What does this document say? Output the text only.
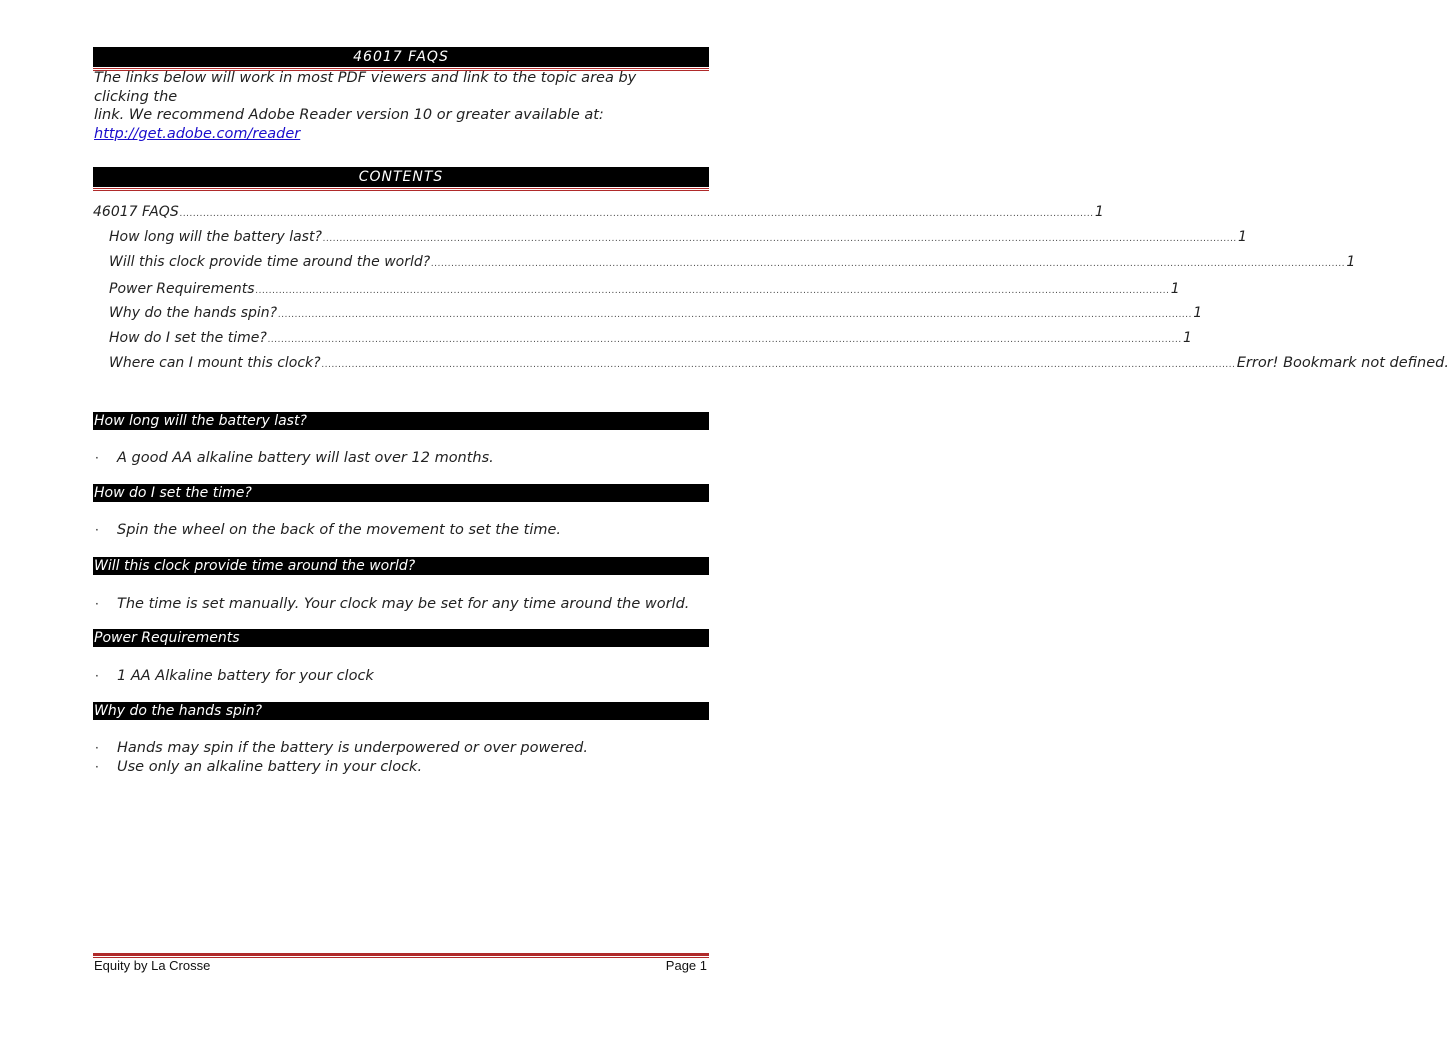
46017 FAQS
The links below will work in most PDF viewers and link to the topic area by clicking the
link. We recommend Adobe Reader version 10 or greater available at:
http://get.adobe.com/reader
CONTENTS
46017 FAQS ................................................................................................................................................................................................................................................................................ 1
How long will the battery last? ................................................................................................................................................................................................................................................................................ 1
Will this clock provide time around the world? ................................................................................................................................................................................................................................................................................ 1
Power Requirements ................................................................................................................................................................................................................................................................................ 1
Why do the hands spin? ................................................................................................................................................................................................................................................................................ 1
How do I set the time? ................................................................................................................................................................................................................................................................................ 1
Where can I mount this clock? ................................................................................................................................................................................................................................................................................ Error! Bookmark not defined.
How long will the battery last?
· A good AA alkaline battery will last over 12 months.
How do I set the time?
· Spin the wheel on the back of the movement to set the time.
Will this clock provide time around the world?
· The time is set manually. Your clock may be set for any time around the world.
Power Requirements
· 1 AA Alkaline battery for your clock
Why do the hands spin?
· Hands may spin if the battery is underpowered or over powered.
· Use only an alkaline battery in your clock.
Equity by La Crosse	Page 1
